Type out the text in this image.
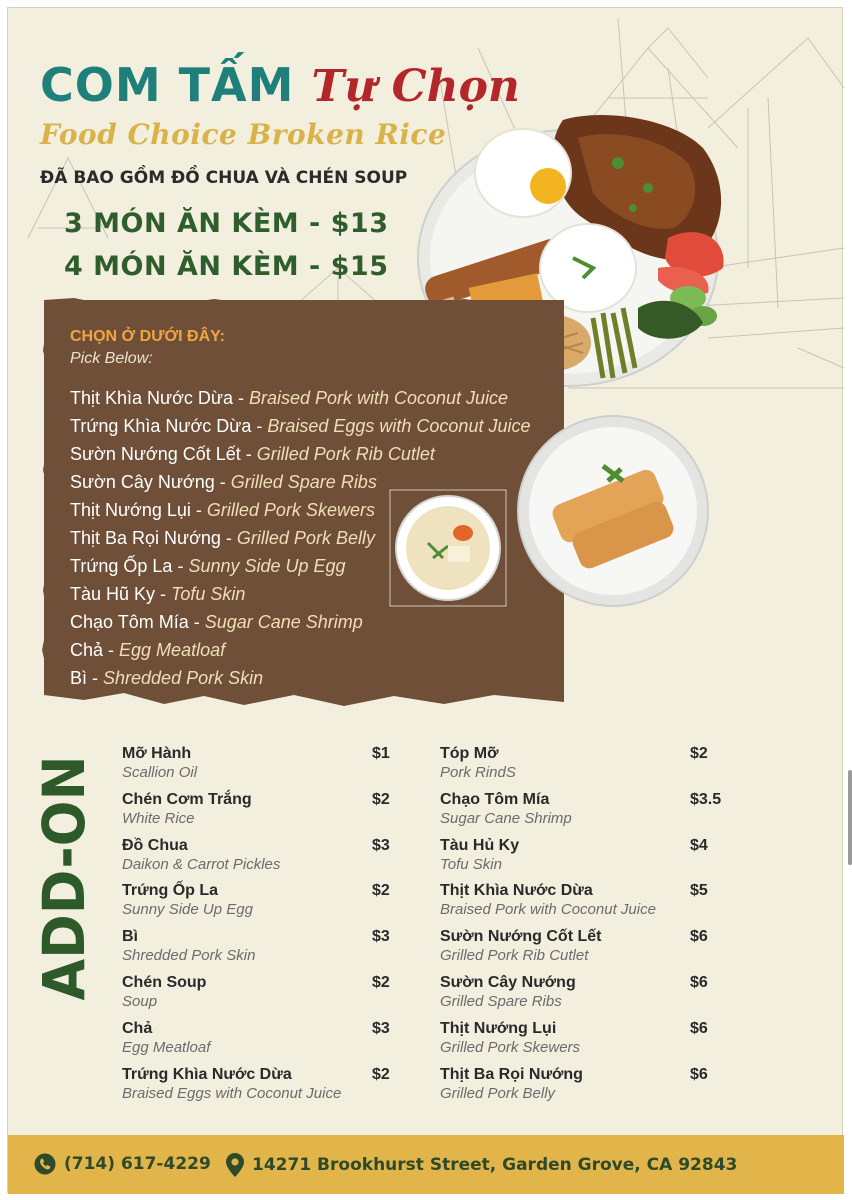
COM TẤM Tự Chọn
Food Choice Broken Rice
ĐÃ BAO GỒM ĐỒ CHUA VÀ CHÉN SOUP
3 MÓN ĂN KÈM - $13
4 MÓN ĂN KÈM - $15
CHỌN Ở DƯỚI ĐÂY:
Pick Below:
Thịt Khìa Nước Dừa - Braised Pork with Coconut Juice
Trứng Khìa Nước Dừa - Braised Eggs with Coconut Juice
Sườn Nướng Cốt Lết - Grilled Pork Rib Cutlet
Sườn Cây Nướng - Grilled Spare Ribs
Thịt Nướng Lụi - Grilled Pork Skewers
Thịt Ba Rọi Nướng - Grilled Pork Belly
Trứng Ốp La - Sunny Side Up Egg
Tàu Hũ Ky - Tofu Skin
Chạo Tôm Mía - Sugar Cane Shrimp
Chả - Egg Meatloaf
Bì - Shredded Pork Skin
ADD-ON Mỡ Hành
Scallion Oil
$1
Chén Cơm Trắng
White Rice
$2
Đồ Chua
Daikon & Carrot Pickles
$3
Trứng Ốp La
Sunny Side Up Egg
$2
Bì
Shredded Pork Skin
$3
Chén Soup
Soup
$2
Chả
Egg Meatloaf
$3
Trứng Khìa Nước Dừa
Braised Eggs with Coconut Juice
$2
Tóp Mỡ
Pork RindS
$2
Chạo Tôm Mía
Sugar Cane Shrimp
$3.5
Tàu Hủ Ky
Tofu Skin
$4
Thịt Khìa Nước Dừa
Braised Pork with Coconut Juice
$5
Sườn Nướng Cốt Lết
Grilled Pork Rib Cutlet
$6
Sườn Cây Nướng
Grilled Spare Ribs
$6
Thịt Nướng Lụi
Grilled Pork Skewers
$6
Thịt Ba Rọi Nướng
Grilled Pork Belly
$6
(714) 617-4229 14271 Brookhurst Street, Garden Grove, CA 92843
